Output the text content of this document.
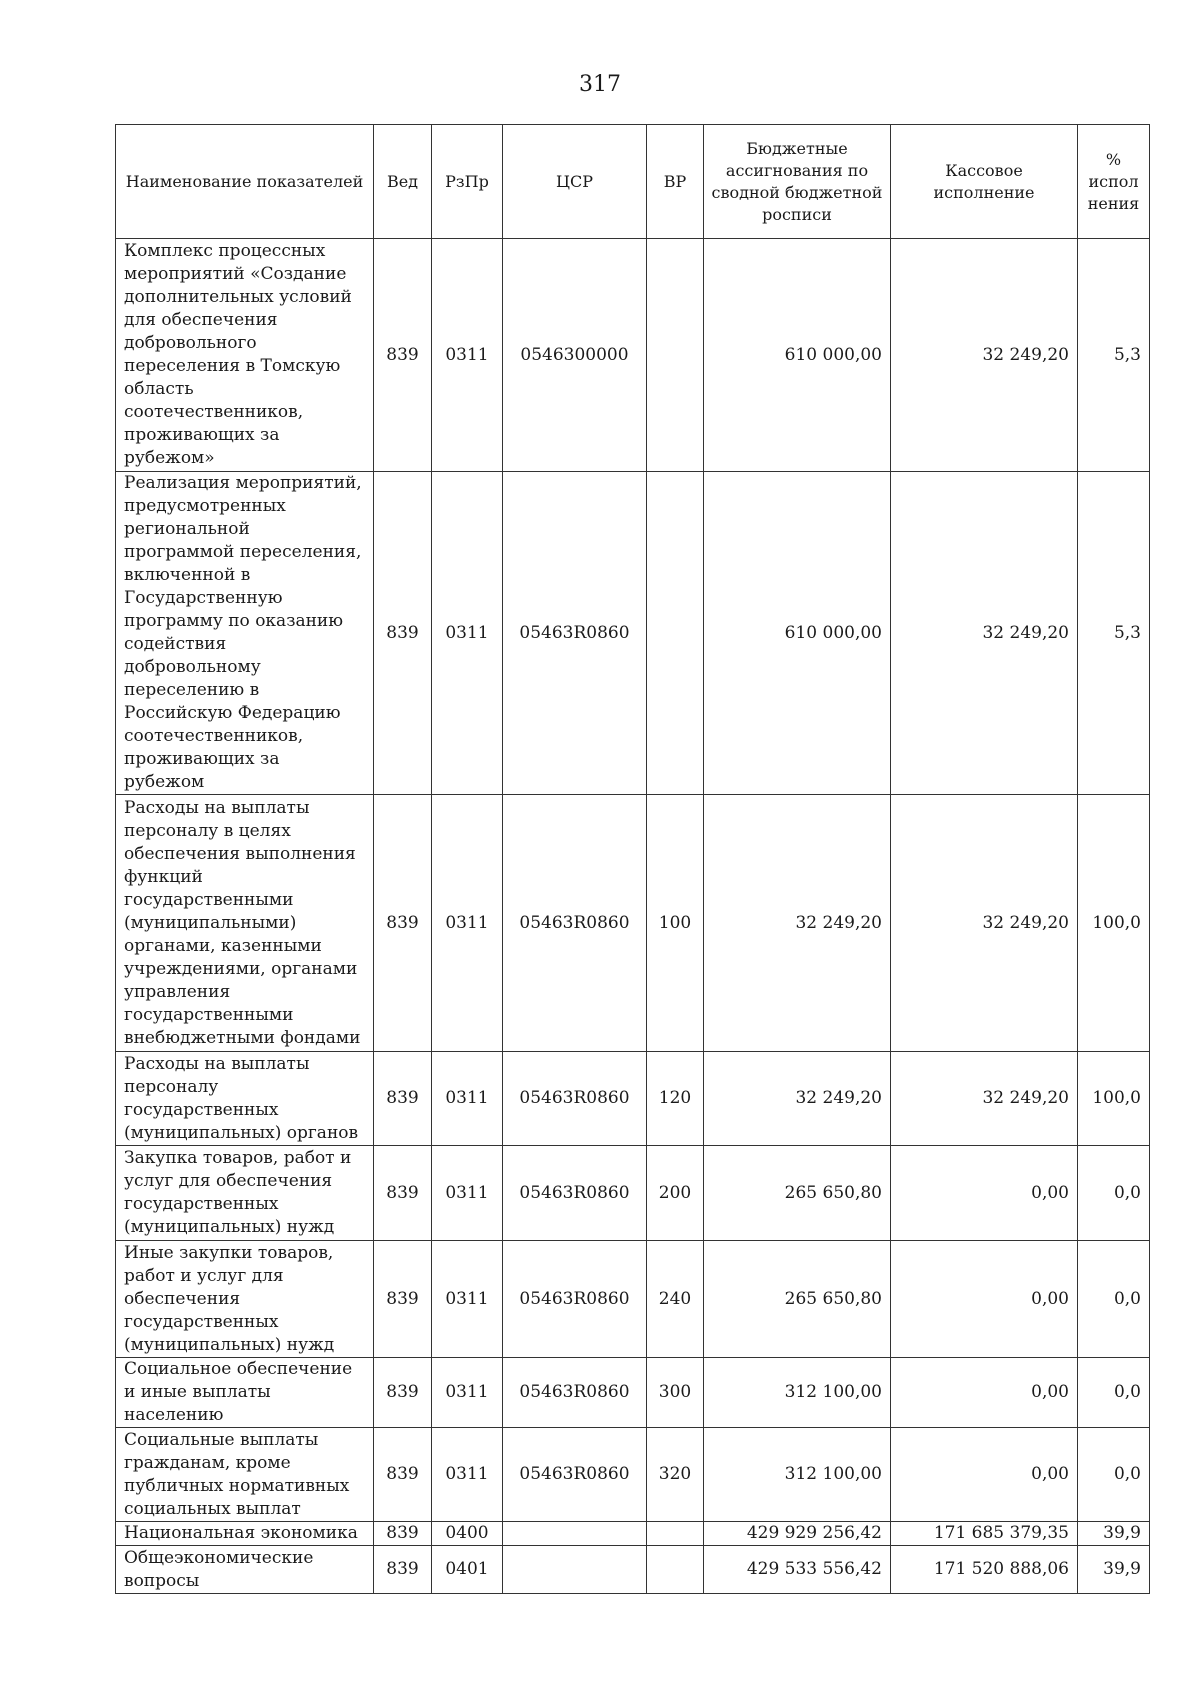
317
Наименование показателей	Вед	РзПр	ЦСР	ВР	Бюджетные ассигнования по сводной бюджетной росписи	Кассовое исполнение	% испол нения
Комплекс процессных мероприятий «Создание дополнительных условий для обеспечения добровольного переселения в Томскую область соотечественников, проживающих за рубежом»	839	0311	0546300000		610 000,00	32 249,20	5,3
Реализация мероприятий, предусмотренных региональной программой переселения, включенной в Государственную программу по оказанию содействия добровольному переселению в Российскую Федерацию соотечественников, проживающих за рубежом	839	0311	05463R0860		610 000,00	32 249,20	5,3
Расходы на выплаты персоналу в целях обеспечения выполнения функций государственными (муниципальными) органами, казенными учреждениями, органами управления государственными внебюджетными фондами	839	0311	05463R0860	100	32 249,20	32 249,20	100,0
Расходы на выплаты персоналу государственных (муниципальных) органов	839	0311	05463R0860	120	32 249,20	32 249,20	100,0
Закупка товаров, работ и услуг для обеспечения государственных (муниципальных) нужд	839	0311	05463R0860	200	265 650,80	0,00	0,0
Иные закупки товаров, работ и услуг для обеспечения государственных (муниципальных) нужд	839	0311	05463R0860	240	265 650,80	0,00	0,0
Социальное обеспечение и иные выплаты населению	839	0311	05463R0860	300	312 100,00	0,00	0,0
Социальные выплаты гражданам, кроме публичных нормативных социальных выплат	839	0311	05463R0860	320	312 100,00	0,00	0,0
Национальная экономика	839	0400			429 929 256,42	171 685 379,35	39,9
Общеэкономические вопросы	839	0401			429 533 556,42	171 520 888,06	39,9
